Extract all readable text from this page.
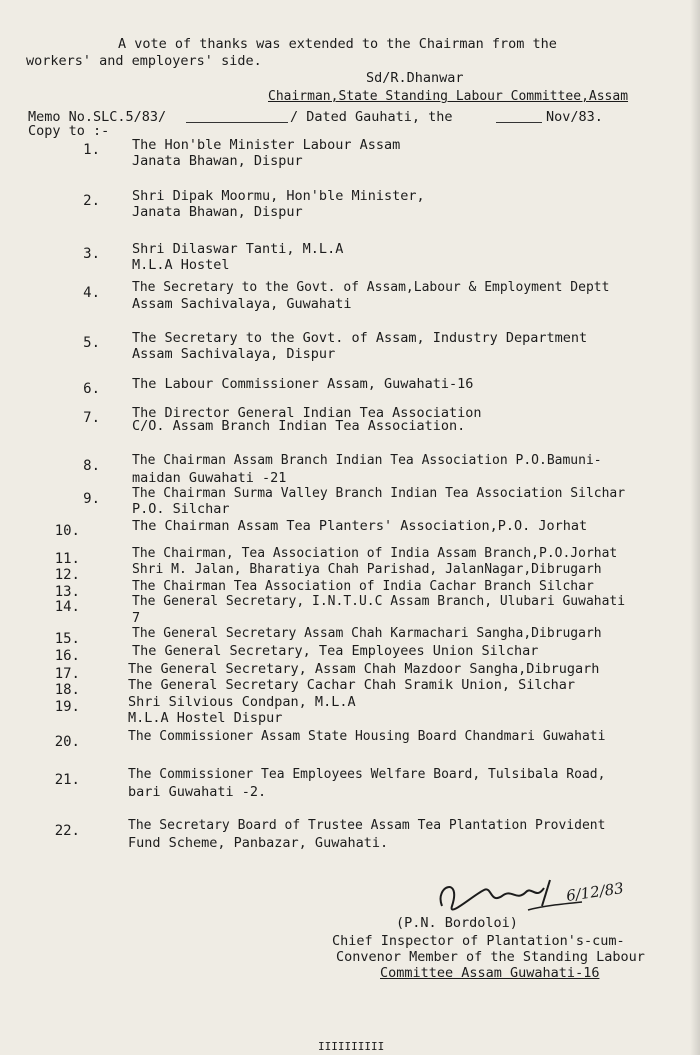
A vote of thanks was extended to the Chairman from the
workers' and employers' side.
Sd/R.Dhanwar
Chairman,State Standing Labour Committee,Assam
Memo No.SLC.5/83/	/ Dated Gauhati, the	Nov/83.
Copy to :-
1. The Hon'ble Minister Labour Assam
Janata Bhawan, Dispur
2. Shri Dipak Moormu, Hon'ble Minister,
Janata Bhawan, Dispur
3. Shri Dilaswar Tanti, M.L.A
M.L.A Hostel
4. The Secretary to the Govt. of Assam,Labour & Employment Deptt
Assam Sachivalaya, Guwahati
5. The Secretary to the Govt. of Assam, Industry Department
Assam Sachivalaya, Dispur
6. The Labour Commissioner Assam, Guwahati-16
7. The Director General Indian Tea Association
C/O. Assam Branch Indian Tea Association.
8. The Chairman Assam Branch Indian Tea Association P.O.Bamuni-
maidan Guwahati -21
9. The Chairman Surma Valley Branch Indian Tea Association Silchar
P.O. Silchar
10.	The Chairman Assam Tea Planters' Association,P.O. Jorhat
11.	The Chairman, Tea Association of India Assam Branch,P.O.Jorhat
12.	Shri M. Jalan, Bharatiya Chah Parishad, JalanNagar,Dibrugarh
13.	The Chairman Tea Association of India Cachar Branch Silchar
14.	The General Secretary, I.N.T.U.C Assam Branch, Ulubari Guwahati
7
15.	The General Secretary Assam Chah Karmachari Sangha,Dibrugarh
16.	The General Secretary, Tea Employees Union Silchar
17.	The General Secretary, Assam Chah Mazdoor Sangha,Dibrugarh
18.	The General Secretary Cachar Chah Sramik Union, Silchar
19.	Shri Silvious Condpan, M.L.A
M.L.A Hostel Dispur
20.	The Commissioner Assam State Housing Board Chandmari Guwahati
21.	The Commissioner Tea Employees Welfare Board, Tulsibala Road,
bari Guwahati -2.
22.	The Secretary Board of Trustee Assam Tea Plantation Provident
Fund Scheme, Panbazar, Guwahati.
6/12/83
(P.N. Bordoloi)
Chief Inspector of Plantation's-cum-
Convenor Member of the Standing Labour
Committee Assam Guwahati-16
IIIIIIIIII
